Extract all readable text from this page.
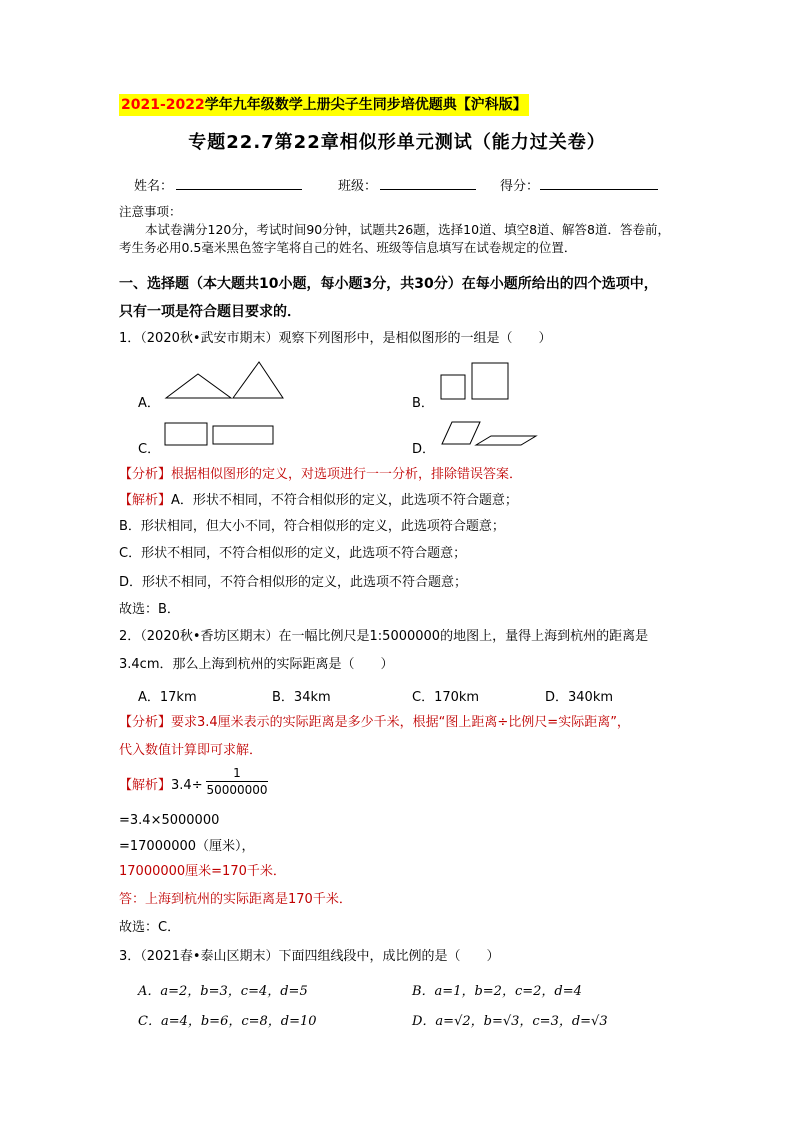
2021-2022学年九年级数学上册尖子生同步培优题典【沪科版】
专题22.7第22章相似形单元测试（能力过关卷）
姓名：	班级：	得分：
注意事项：
本试卷满分120分，考试时间90分钟，试题共26题，选择10道、填空8道、解答8道．答卷前，考生务必用0.5毫米黑色签字笔将自己的姓名、班级等信息填写在试卷规定的位置．
一、选择题（本大题共10小题，每小题3分，共30分）在每小题所给出的四个选项中，
只有一项是符合题目要求的．
1．（2020秋•武安市期末）观察下列图形中，是相似图形的一组是（　　）
A．	B．
C．	D．
【分析】根据相似图形的定义，对选项进行一一分析，排除错误答案．
【解析】A．形状不相同，不符合相似形的定义，此选项不符合题意；
B．形状相同，但大小不同，符合相似形的定义，此选项符合题意；
C．形状不相同，不符合相似形的定义，此选项不符合题意；
D．形状不相同，不符合相似形的定义，此选项不符合题意；
故选：B．
2．（2020秋•香坊区期末）在一幅比例尺是1:5000000的地图上，量得上海到杭州的距离是
3.4cm．那么上海到杭州的实际距离是（　　）
A．17km	B．34km	C．170km	D．340km
【分析】要求3.4厘米表示的实际距离是多少千米，根据“图上距离÷比例尺=实际距离”，
代入数值计算即可求解．
【解析】3.4÷
1
50000000
=3.4×5000000
=17000000（厘米），
17000000厘米=170千米．
答：上海到杭州的实际距离是170千米．
故选：C．
3．（2021春•泰山区期末）下面四组线段中，成比例的是（　　）
A．a=2，b=3，c=4，d=5	B．a=1，b=2，c=2，d=4
C．a=4，b=6，c=8，d=10	D．a=√2，b=√3，c=3，d=√3
